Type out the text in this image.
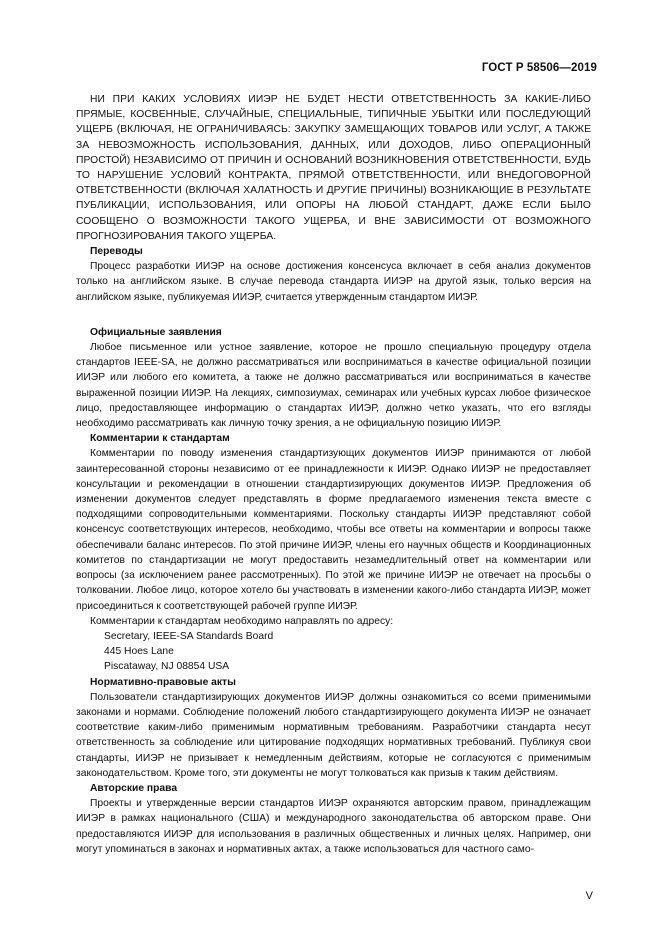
ГОСТ Р 58506—2019

НИ ПРИ КАКИХ УСЛОВИЯХ ИИЭР НЕ БУДЕТ НЕСТИ ОТВЕТСТВЕННОСТЬ ЗА КАКИЕ-ЛИБО ПРЯМЫЕ, КОСВЕННЫЕ, СЛУЧАЙНЫЕ, СПЕЦИАЛЬНЫЕ, ТИПИЧНЫЕ УБЫТКИ ИЛИ ПОСЛЕДУЮЩИЙ УЩЕРБ (ВКЛЮЧАЯ, НЕ ОГРАНИЧИВАЯСЬ: ЗАКУПКУ ЗАМЕЩАЮЩИХ ТОВАРОВ ИЛИ УСЛУГ, А ТАКЖЕ ЗА НЕВОЗМОЖНОСТЬ ИСПОЛЬЗОВАНИЯ, ДАННЫХ, ИЛИ ДОХОДОВ, ЛИБО ОПЕРАЦИОННЫЙ ПРОСТОЙ) НЕЗАВИСИМО ОТ ПРИЧИН И ОСНОВАНИЙ ВОЗНИКНОВЕНИЯ ОТВЕТСТВЕННОСТИ, БУДЬ ТО НАРУШЕНИЕ УСЛОВИЙ КОНТРАКТА, ПРЯМОЙ ОТВЕТСТВЕННОСТИ, ИЛИ ВНЕДОГОВОРНОЙ ОТВЕТСТВЕННОСТИ (ВКЛЮЧАЯ ХАЛАТНОСТЬ И ДРУГИЕ ПРИЧИНЫ) ВОЗНИКАЮЩИЕ В РЕЗУЛЬТАТЕ ПУБЛИКАЦИИ, ИСПОЛЬЗОВАНИЯ, ИЛИ ОПОРЫ НА ЛЮБОЙ СТАНДАРТ, ДАЖЕ ЕСЛИ БЫЛО СООБЩЕНО О ВОЗМОЖНОСТИ ТАКОГО УЩЕРБА, И ВНЕ ЗАВИСИМОСТИ ОТ ВОЗМОЖНОГО ПРОГНОЗИРОВАНИЯ ТАКОГО УЩЕРБА.

Переводы

Процесс разработки ИИЭР на основе достижения консенсуса включает в себя анализ документов только на английском языке. В случае перевода стандарта ИИЭР на другой язык, только версия на английском языке, публикуемая ИИЭР, считается утвержденным стандартом ИИЭР.

Официальные заявления

Любое письменное или устное заявление, которое не прошло специальную процедуру отдела стандартов IEEE-SA, не должно рассматриваться или восприниматься в качестве официальной позиции ИИЭР или любого его комитета, а также не должно рассматриваться или восприниматься в качестве выраженной позиции ИИЭР. На лекциях, симпозиумах, семинарах или учебных курсах любое физическое лицо, предоставляющее информацию о стандартах ИИЭР, должно четко указать, что его взгляды необходимо рассматривать как личную точку зрения, а не официальную позицию ИИЭР.

Комментарии к стандартам

Комментарии по поводу изменения стандартизующих документов ИИЭР принимаются от любой заинтересованной стороны независимо от ее принадлежности к ИИЭР. Однако ИИЭР не предоставляет консультации и рекомендации в отношении стандартизирующих документов ИИЭР. Предложения об изменении документов следует представлять в форме предлагаемого изменения текста вместе с подходящими сопроводительными комментариями. Поскольку стандарты ИИЭР представляют собой консенсус соответствующих интересов, необходимо, чтобы все ответы на комментарии и вопросы также обеспечивали баланс интересов. По этой причине ИИЭР, члены его научных обществ и Координационных комитетов по стандартизации не могут предоставить незамедлительный ответ на комментарии или вопросы (за исключением ранее рассмотренных). По этой же причине ИИЭР не отвечает на просьбы о толковании. Любое лицо, которое хотело бы участвовать в изменении какого-либо стандарта ИИЭР, может присоединиться к соответствующей рабочей группе ИИЭР.

Комментарии к стандартам необходимо направлять по адресу:

Secretary, IEEE-SA Standards Board

445 Hoes Lane

Piscataway, NJ 08854 USA

Нормативно-правовые акты

Пользователи стандартизирующих документов ИИЭР должны ознакомиться со всеми применимыми законами и нормами. Соблюдение положений любого стандартизирующего документа ИИЭР не означает соответствие каким-либо применимым нормативным требованиям. Разработчики стандарта несут ответственность за соблюдение или цитирование подходящих нормативных требований. Публикуя свои стандарты, ИИЭР не призывает к немедленным действиям, которые не согласуются с применимым законодательством. Кроме того, эти документы не могут толковаться как призыв к таким действиям.

Авторские права

Проекты и утвержденные версии стандартов ИИЭР охраняются авторским правом, принадлежащим ИИЭР в рамках национального (США) и международного законодательства об авторском праве. Они предоставляются ИИЭР для использования в различных общественных и личных целях. Например, они могут упоминаться в законах и нормативных актах, а также использоваться для частного само-

V
